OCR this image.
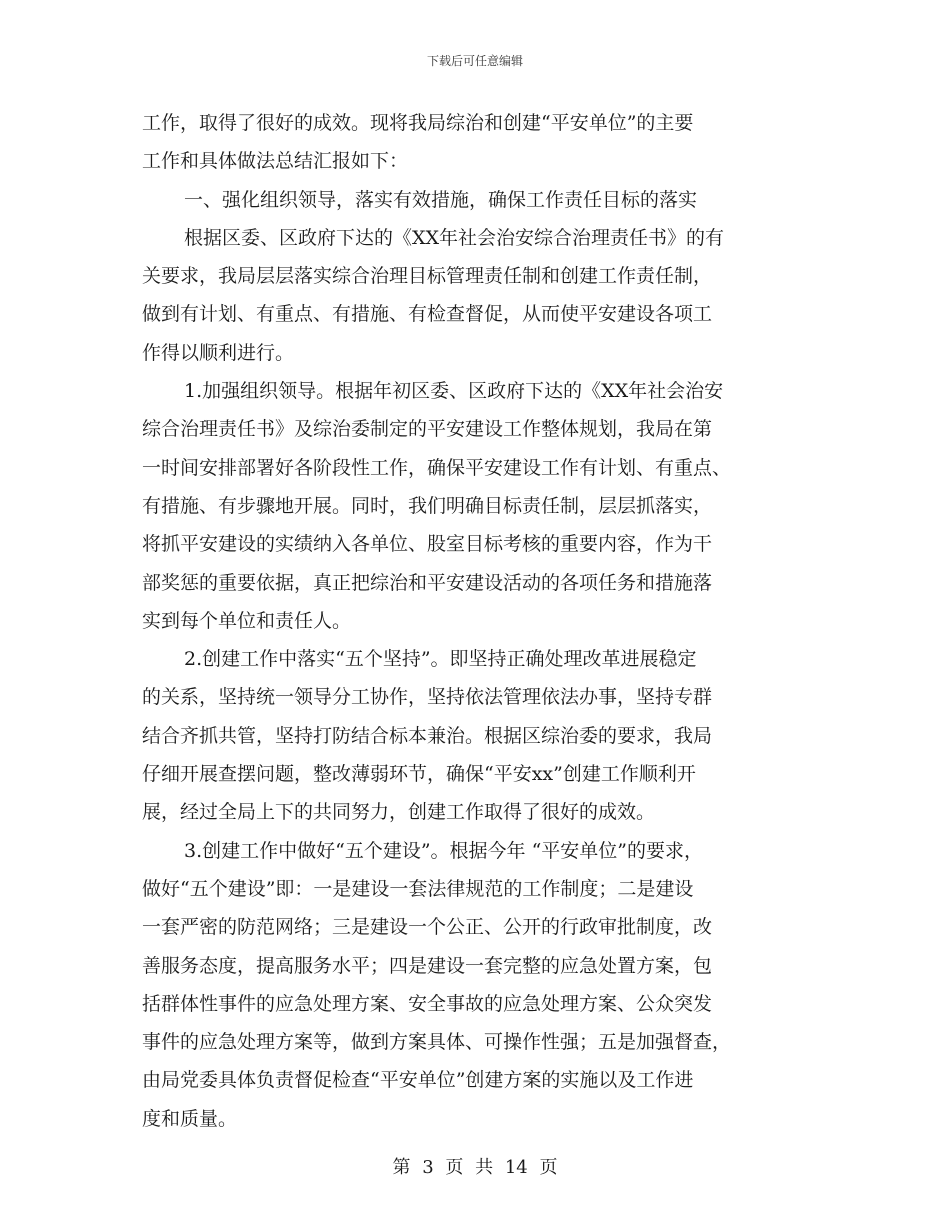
下载后可任意编辑
工作，取得了很好的成效。现将我局综治和创建“平安单位”的主要
工作和具体做法总结汇报如下：
一、强化组织领导，落实有效措施，确保工作责任目标的落实
根据区委、区政府下达的《XX年社会治安综合治理责任书》的有
关要求，我局层层落实综合治理目标管理责任制和创建工作责任制，
做到有计划、有重点、有措施、有检查督促，从而使平安建设各项工
作得以顺利进行。
1.加强组织领导。根据年初区委、区政府下达的《XX年社会治安
综合治理责任书》及综治委制定的平安建设工作整体规划，我局在第
一时间安排部署好各阶段性工作，确保平安建设工作有计划、有重点、
有措施、有步骤地开展。同时，我们明确目标责任制，层层抓落实，
将抓平安建设的实绩纳入各单位、股室目标考核的重要内容，作为干
部奖惩的重要依据，真正把综治和平安建设活动的各项任务和措施落
实到每个单位和责任人。
2.创建工作中落实“五个坚持”。即坚持正确处理改革进展稳定
的关系，坚持统一领导分工协作，坚持依法管理依法办事，坚持专群
结合齐抓共管，坚持打防结合标本兼治。根据区综治委的要求，我局
仔细开展查摆问题，整改薄弱环节，确保“平安xx”创建工作顺利开
展，经过全局上下的共同努力，创建工作取得了很好的成效。
3.创建工作中做好“五个建设”。根据今年 “平安单位”的要求，
做好“五个建设”即：一是建设一套法律规范的工作制度；二是建设
一套严密的防范网络；三是建设一个公正、公开的行政审批制度，改
善服务态度，提高服务水平；四是建设一套完整的应急处置方案，包
括群体性事件的应急处理方案、安全事故的应急处理方案、公众突发
事件的应急处理方案等，做到方案具体、可操作性强；五是加强督查，
由局党委具体负责督促检查“平安单位”创建方案的实施以及工作进
度和质量。
第 3 页 共 14 页
